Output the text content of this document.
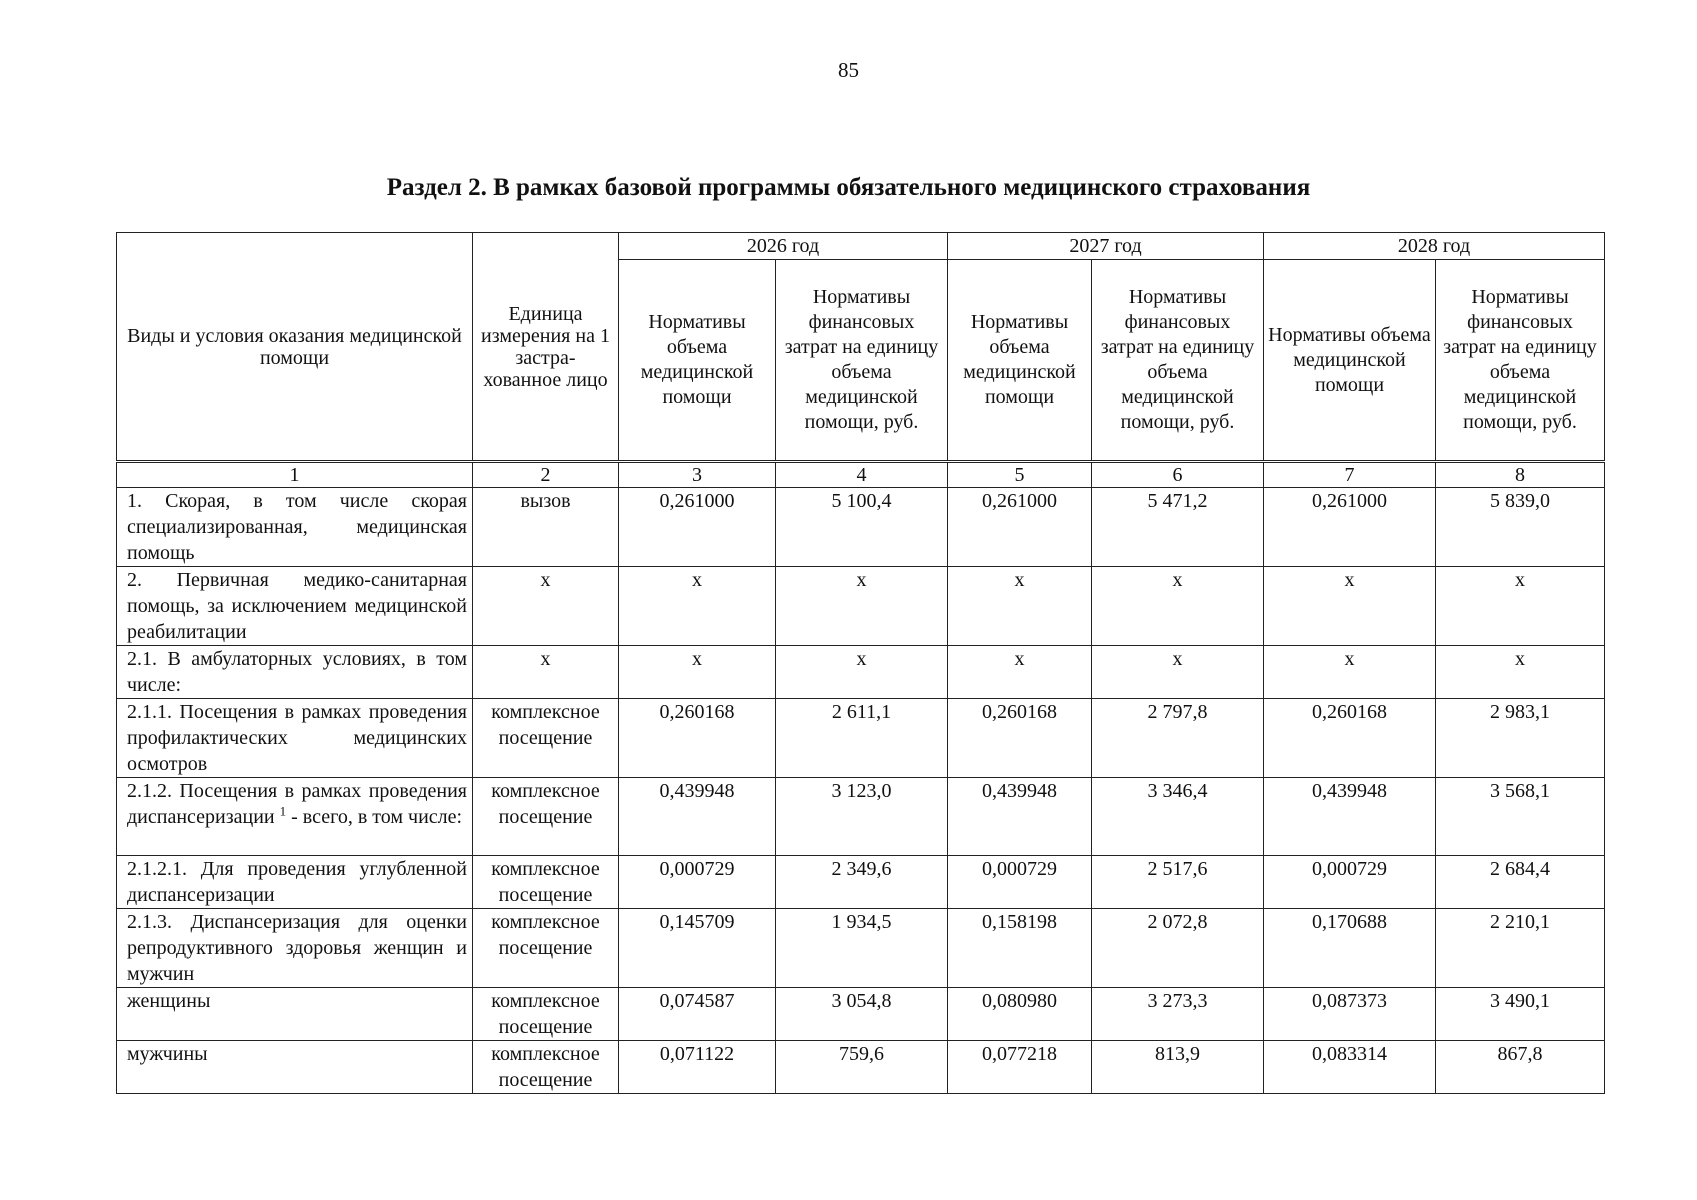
85
Раздел 2. В рамках базовой программы обязательного медицинского страхования
Виды и условия оказания медицинской помощи	Единица измерения на 1 застра-хованное лицо	2026 год		2027 год		2028 год	
		Нормативы объема медицинской помощи	Нормативы финансовых затрат на единицу объема медицинской помощи, руб.	Нормативы объема медицинской помощи	Нормативы финансовых затрат на единицу объема медицинской помощи, руб.	Нормативы объема медицинской помощи	Нормативы финансовых затрат на единицу объема медицинской помощи, руб.
1	2	3	4	5	6	7	8
1. Скорая, в том числе скорая специализированная, медицинская помощь	вызов	0,261000	5 100,4	0,261000	5 471,2	0,261000	5 839,0
2. Первичная медико-санитарная помощь, за исключением медицинской реабилитации	х	х	х	х	х	х	х
2.1. В амбулаторных условиях, в том числе:	х	х	х	х	х	х	х
2.1.1. Посещения в рамках проведения профилактических медицинских осмотров	комплексное посещение	0,260168	2 611,1	0,260168	2 797,8	0,260168	2 983,1
2.1.2. Посещения в рамках проведения диспансеризации $^1$ - всего, в том числе:	комплексное посещение	0,439948	3 123,0	0,439948	3 346,4	0,439948	3 568,1
2.1.2.1. Для проведения углубленной диспансеризации	комплексное посещение	0,000729	2 349,6	0,000729	2 517,6	0,000729	2 684,4
2.1.3. Диспансеризация для оценки репродуктивного здоровья женщин и мужчин	комплексное посещение	0,145709	1 934,5	0,158198	2 072,8	0,170688	2 210,1
женщины	комплексное посещение	0,074587	3 054,8	0,080980	3 273,3	0,087373	3 490,1
мужчины	комплексное посещение	0,071122	759,6	0,077218	813,9	0,083314	867,8
